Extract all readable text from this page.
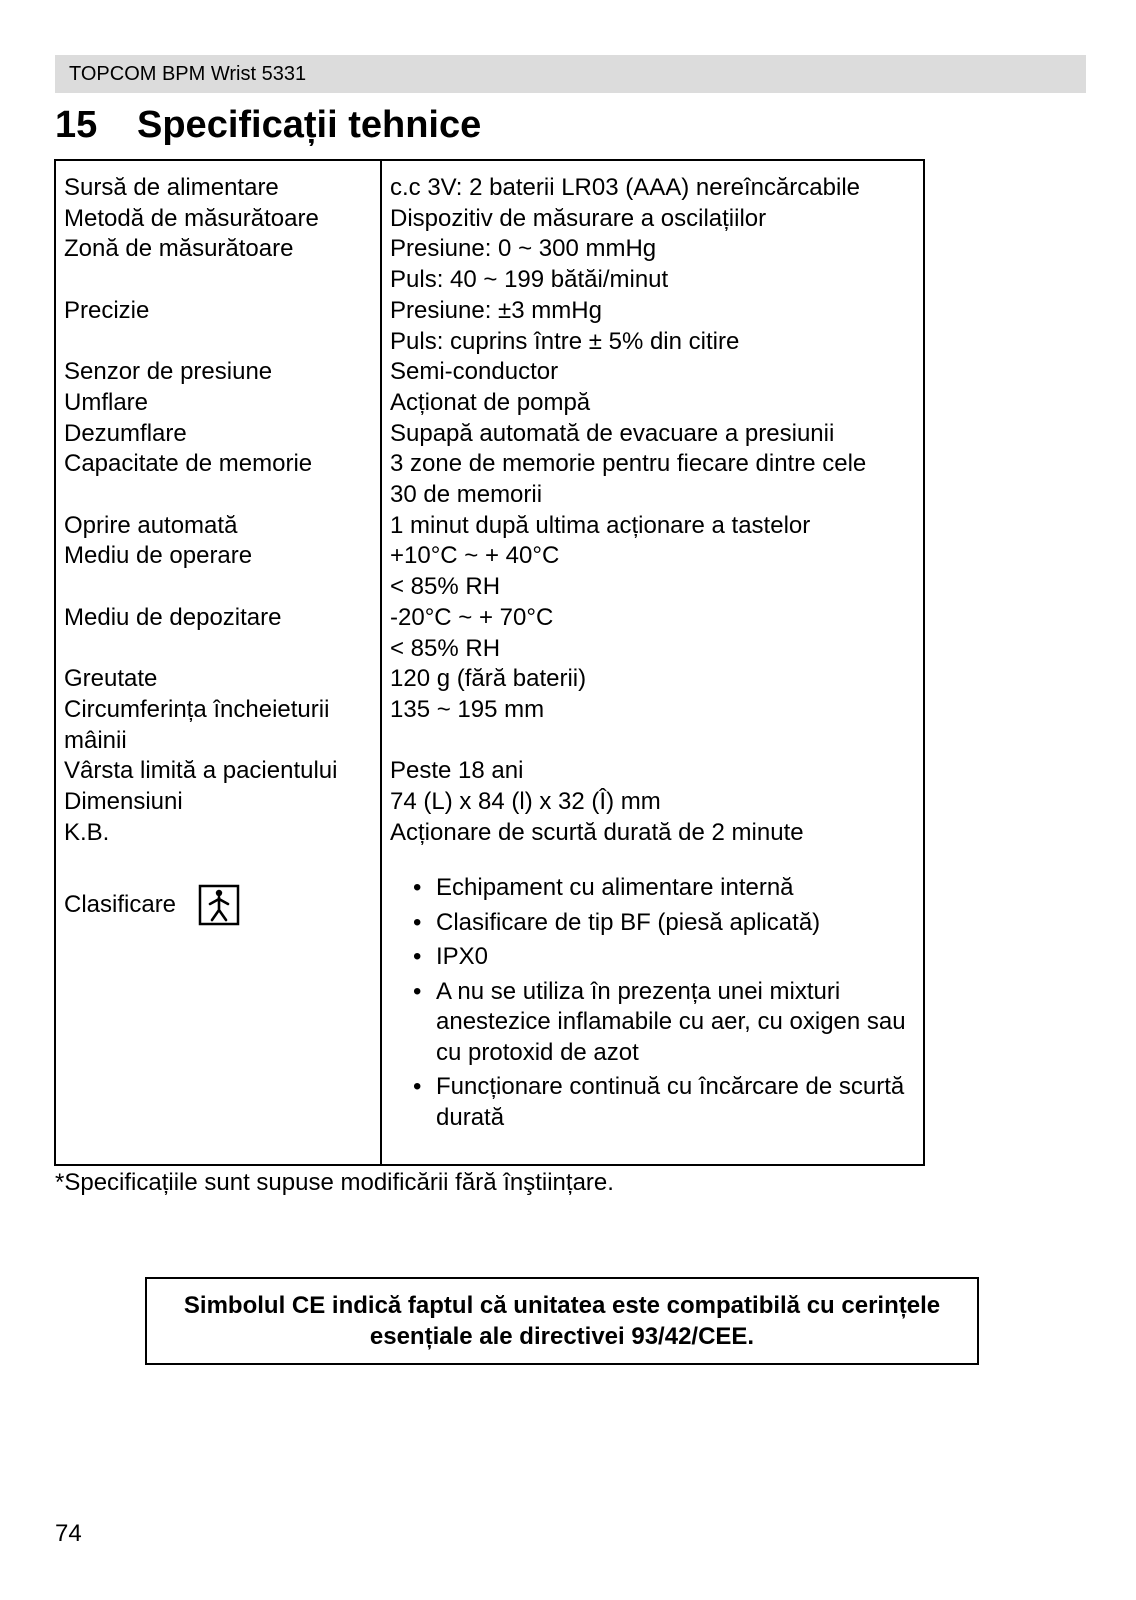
TOPCOM BPM Wrist 5331
15 Specificații tehnice
Sursă de alimentare
Metodă de măsurătoare
Zonă de măsurătoare

Precizie

Senzor de presiune
Umflare
Dezumflare
Capacitate de memorie

Oprire automată
Mediu de operare

Mediu de depozitare

Greutate
Circumferința încheieturii
mâinii
Vârsta limită a pacientului
Dimensiuni
K.B.
c.c 3V: 2 baterii LR03 (AAA) nereîncărcabile
Dispozitiv de măsurare a oscilațiilor
Presiune: 0 ~ 300 mmHg
Puls: 40 ~ 199 bătăi/minut
Presiune: ±3 mmHg
Puls: cuprins între ± 5% din citire
Semi-conductor
Acționat de pompă
Supapă automată de evacuare a presiunii
3 zone de memorie pentru fiecare dintre cele
30 de memorii
1 minut după ultima acționare a tastelor
+10°C ~ + 40°C
< 85% RH
-20°C ~ + 70°C
< 85% RH
120 g (fără baterii)
135 ~ 195 mm

Peste 18 ani
74 (L) x 84 (l) x 32 (Î) mm
Acționare de scurtă durată de 2 minute
Clasificare
• Echipament cu alimentare internă
• Clasificare de tip BF (piesă aplicată)
• IPX0
• A nu se utiliza în prezența unei mixturi anestezice inflamabile cu aer, cu oxigen sau cu protoxid de azot
• Funcționare continuă cu încărcare de scurtă durată
*Specificațiile sunt supuse modificării fără înştiințare.
Simbolul CE indică faptul că unitatea este compatibilă cu cerințele esențiale ale directivei 93/42/CEE.
74
